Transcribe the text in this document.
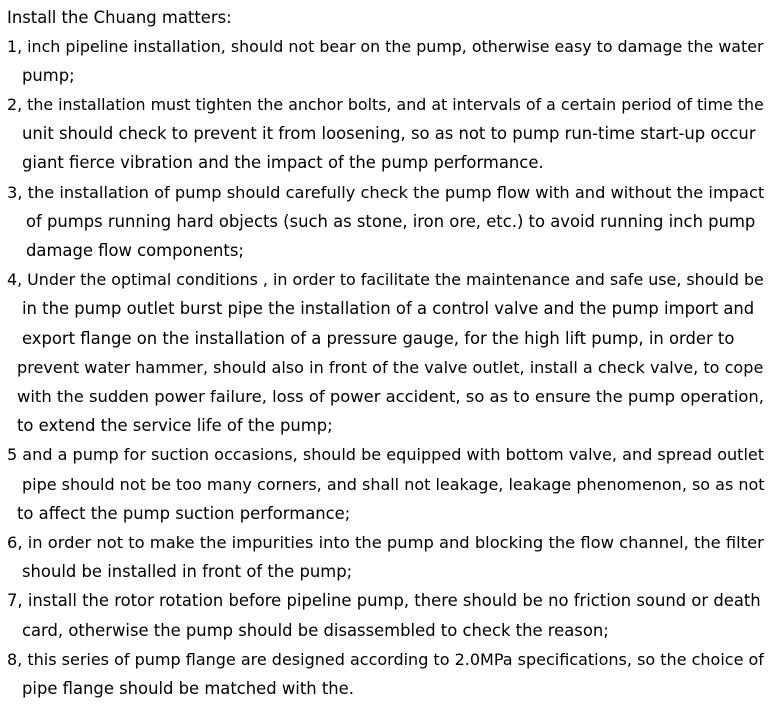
Install the Chuang matters:
1, inch pipeline installation, should not bear on the pump, otherwise easy to damage the water
pump;
2, the installation must tighten the anchor bolts, and at intervals of a certain period of time the
unit should check to prevent it from loosening, so as not to pump run-time start-up occur
giant fierce vibration and the impact of the pump performance.
3, the installation of pump should carefully check the pump flow with and without the impact
of pumps running hard objects (such as stone, iron ore, etc.) to avoid running inch pump
damage flow components;
4, Under the optimal conditions , in order to facilitate the maintenance and safe use, should be
in the pump outlet burst pipe the installation of a control valve and the pump import and
export flange on the installation of a pressure gauge, for the high lift pump, in order to
prevent water hammer, should also in front of the valve outlet, install a check valve, to cope
with the sudden power failure, loss of power accident, so as to ensure the pump operation,
to extend the service life of the pump;
5 and a pump for suction occasions, should be equipped with bottom valve, and spread outlet
pipe should not be too many corners, and shall not leakage, leakage phenomenon, so as not
to affect the pump suction performance;
6, in order not to make the impurities into the pump and blocking the flow channel, the filter
should be installed in front of the pump;
7, install the rotor rotation before pipeline pump, there should be no friction sound or death
card, otherwise the pump should be disassembled to check the reason;
8, this series of pump flange are designed according to 2.0MPa specifications, so the choice of
pipe flange should be matched with the.
